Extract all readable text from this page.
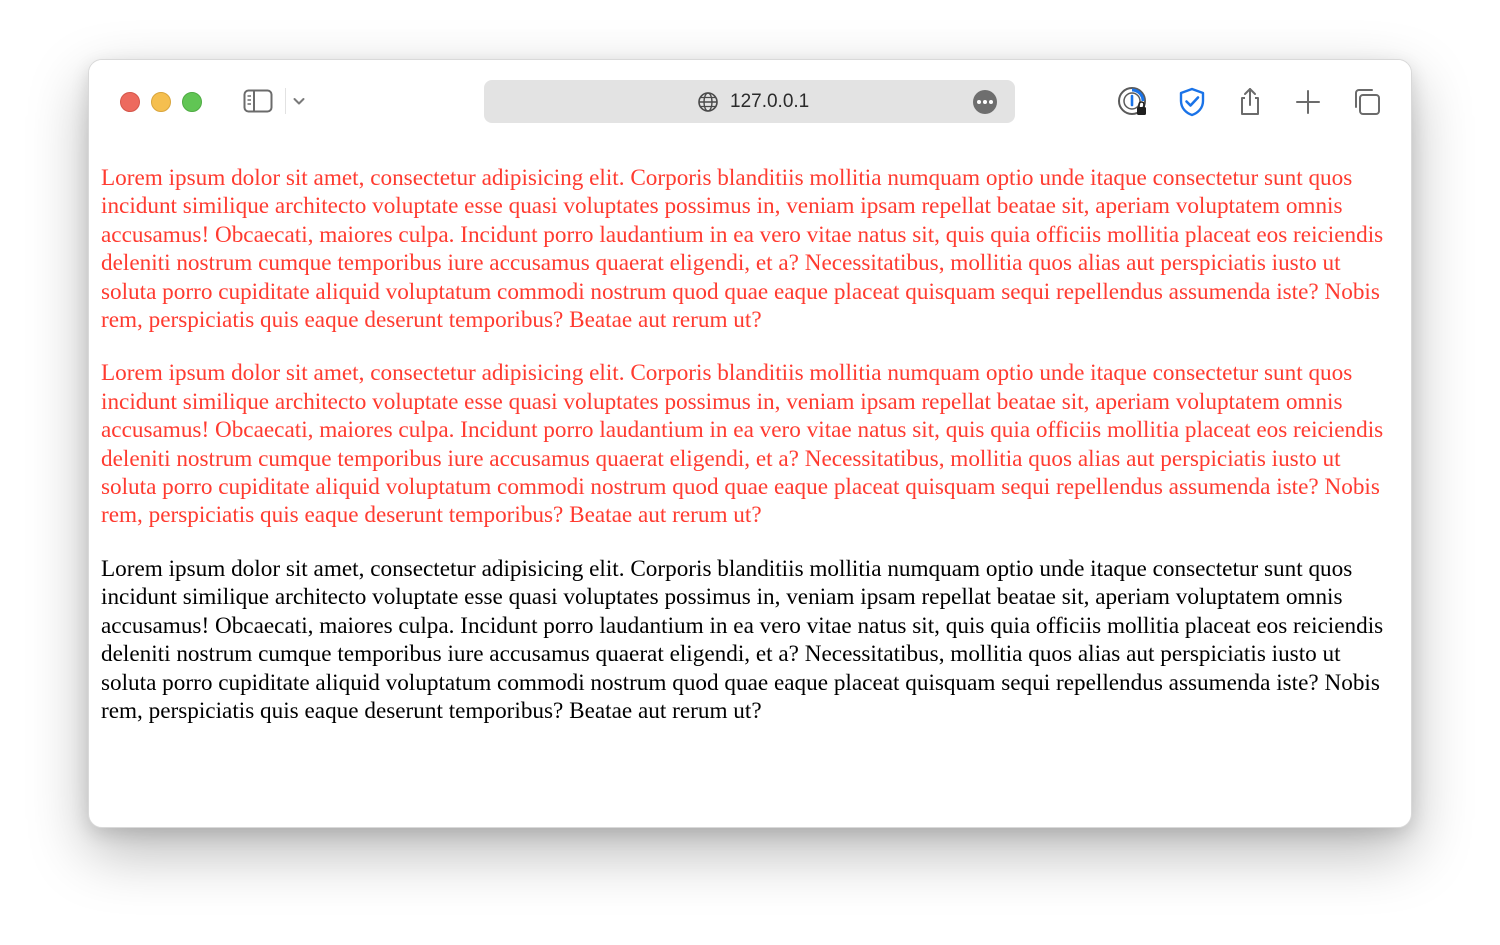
127.0.0.1

Lorem ipsum dolor sit amet, consectetur adipisicing elit. Corporis blanditiis mollitia numquam optio unde itaque consectetur sunt quos incidunt similique architecto voluptate esse quasi voluptates possimus in, veniam ipsam repellat beatae sit, aperiam voluptatem omnis accusamus! Obcaecati, maiores culpa. Incidunt porro laudantium in ea vero vitae natus sit, quis quia officiis mollitia placeat eos reiciendis deleniti nostrum cumque temporibus iure accusamus quaerat eligendi, et a? Necessitatibus, mollitia quos alias aut perspiciatis iusto ut soluta porro cupiditate aliquid voluptatum commodi nostrum quod quae eaque placeat quisquam sequi repellendus assumenda iste? Nobis rem, perspiciatis quis eaque deserunt temporibus? Beatae aut rerum ut?

Lorem ipsum dolor sit amet, consectetur adipisicing elit. Corporis blanditiis mollitia numquam optio unde itaque consectetur sunt quos incidunt similique architecto voluptate esse quasi voluptates possimus in, veniam ipsam repellat beatae sit, aperiam voluptatem omnis accusamus! Obcaecati, maiores culpa. Incidunt porro laudantium in ea vero vitae natus sit, quis quia officiis mollitia placeat eos reiciendis deleniti nostrum cumque temporibus iure accusamus quaerat eligendi, et a? Necessitatibus, mollitia quos alias aut perspiciatis iusto ut soluta porro cupiditate aliquid voluptatum commodi nostrum quod quae eaque placeat quisquam sequi repellendus assumenda iste? Nobis rem, perspiciatis quis eaque deserunt temporibus? Beatae aut rerum ut?

Lorem ipsum dolor sit amet, consectetur adipisicing elit. Corporis blanditiis mollitia numquam optio unde itaque consectetur sunt quos incidunt similique architecto voluptate esse quasi voluptates possimus in, veniam ipsam repellat beatae sit, aperiam voluptatem omnis accusamus! Obcaecati, maiores culpa. Incidunt porro laudantium in ea vero vitae natus sit, quis quia officiis mollitia placeat eos reiciendis deleniti nostrum cumque temporibus iure accusamus quaerat eligendi, et a? Necessitatibus, mollitia quos alias aut perspiciatis iusto ut soluta porro cupiditate aliquid voluptatum commodi nostrum quod quae eaque placeat quisquam sequi repellendus assumenda iste? Nobis rem, perspiciatis quis eaque deserunt temporibus? Beatae aut rerum ut?
